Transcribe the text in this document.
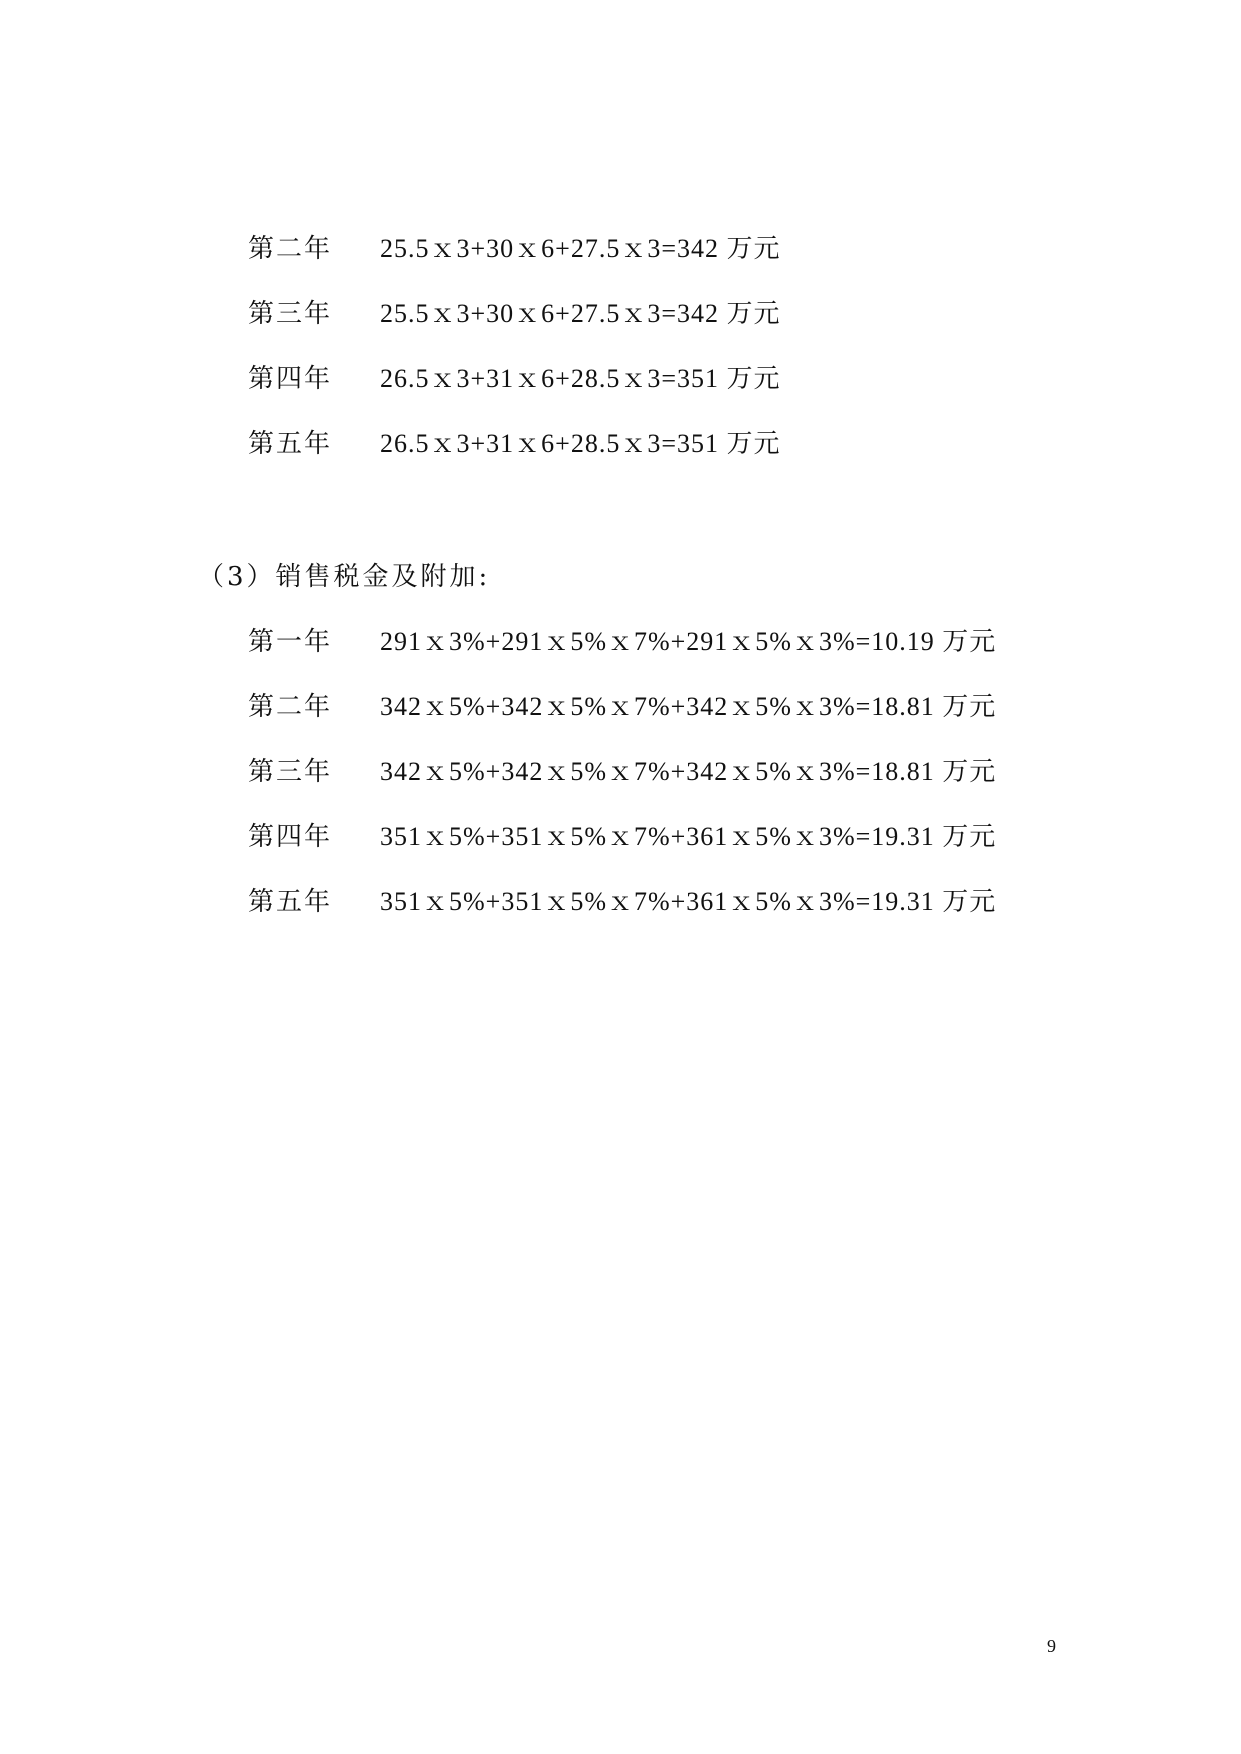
第二年 25.5ｘ3+30ｘ6+27.5ｘ3=342 万元
第三年 25.5ｘ3+30ｘ6+27.5ｘ3=342 万元
第四年 26.5ｘ3+31ｘ6+28.5ｘ3=351 万元
第五年 26.5ｘ3+31ｘ6+28.5ｘ3=351 万元
（3）销售税金及附加:
第一年 291ｘ3%+291ｘ5%ｘ7%+291ｘ5%ｘ3%=10.19 万元
第二年 342ｘ5%+342ｘ5%ｘ7%+342ｘ5%ｘ3%=18.81 万元
第三年 342ｘ5%+342ｘ5%ｘ7%+342ｘ5%ｘ3%=18.81 万元
第四年 351ｘ5%+351ｘ5%ｘ7%+361ｘ5%ｘ3%=19.31 万元
第五年 351ｘ5%+351ｘ5%ｘ7%+361ｘ5%ｘ3%=19.31 万元
9
